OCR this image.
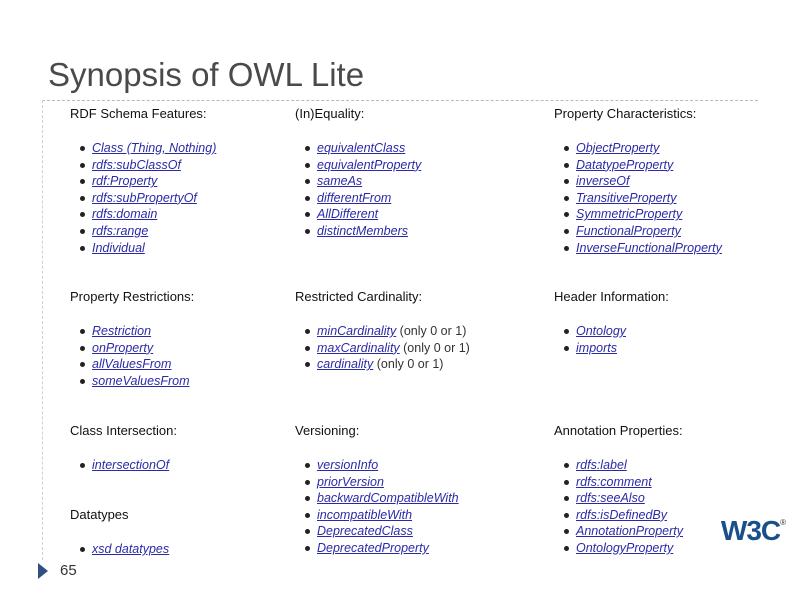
Synopsis of OWL Lite
RDF Schema Features:
Class (Thing, Nothing)
rdfs:subClassOf
rdf:Property
rdfs:subPropertyOf
rdfs:domain
rdfs:range
Individual
(In)Equality:
equivalentClass
equivalentProperty
sameAs
differentFrom
AllDifferent
distinctMembers
Property Characteristics:
ObjectProperty
DatatypeProperty
inverseOf
TransitiveProperty
SymmetricProperty
FunctionalProperty
InverseFunctionalProperty
Property Restrictions:
Restriction
onProperty
allValuesFrom
someValuesFrom
Restricted Cardinality:
minCardinality (only 0 or 1)
maxCardinality (only 0 or 1)
cardinality (only 0 or 1)
Header Information:
Ontology
imports
Class Intersection:
intersectionOf
Versioning:
versionInfo
priorVersion
backwardCompatibleWith
incompatibleWith
DeprecatedClass
DeprecatedProperty
Annotation Properties:
rdfs:label
rdfs:comment
rdfs:seeAlso
rdfs:isDefinedBy
AnnotationProperty
OntologyProperty
Datatypes
xsd datatypes
65
W3C®
